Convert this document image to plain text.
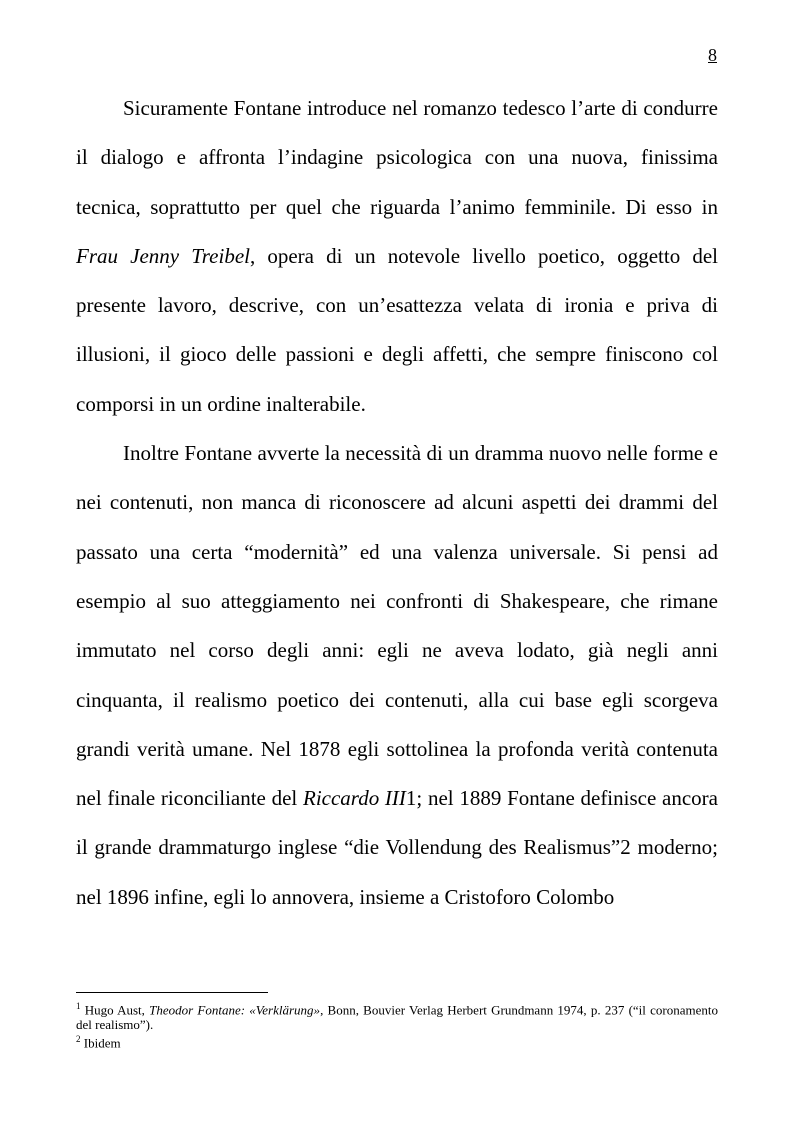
8

Sicuramente Fontane introduce nel romanzo tedesco l’arte di condurre il dialogo e affronta l’indagine psicologica con una nuova, finissima tecnica, soprattutto per quel che riguarda l’animo femminile. Di esso in Frau Jenny Treibel, opera di un notevole livello poetico, oggetto del presente lavoro, descrive, con un’esattezza velata di ironia e priva di illusioni, il gioco delle passioni e degli affetti, che sempre finiscono col comporsi in un ordine inalterabile.

Inoltre Fontane avverte la necessità di un dramma nuovo nelle forme e nei contenuti, non manca di riconoscere ad alcuni aspetti dei drammi del passato una certa “modernità” ed una valenza universale. Si pensi ad esempio al suo atteggiamento nei confronti di Shakespeare, che rimane immutato nel corso degli anni: egli ne aveva lodato, già negli anni cinquanta, il realismo poetico dei contenuti, alla cui base egli scorgeva grandi verità umane. Nel 1878 egli sottolinea la profonda verità contenuta nel finale riconciliante del Riccardo III1; nel 1889 Fontane definisce ancora il grande drammaturgo inglese “die Vollendung des Realismus”2 moderno; nel 1896 infine, egli lo annovera, insieme a Cristoforo Colombo

$^1$ Hugo Aust, Theodor Fontane: «Verklärung», Bonn, Bouvier Verlag Herbert Grundmann 1974, p. 237 (“il coronamento del realismo”).
$^2$ Ibidem
